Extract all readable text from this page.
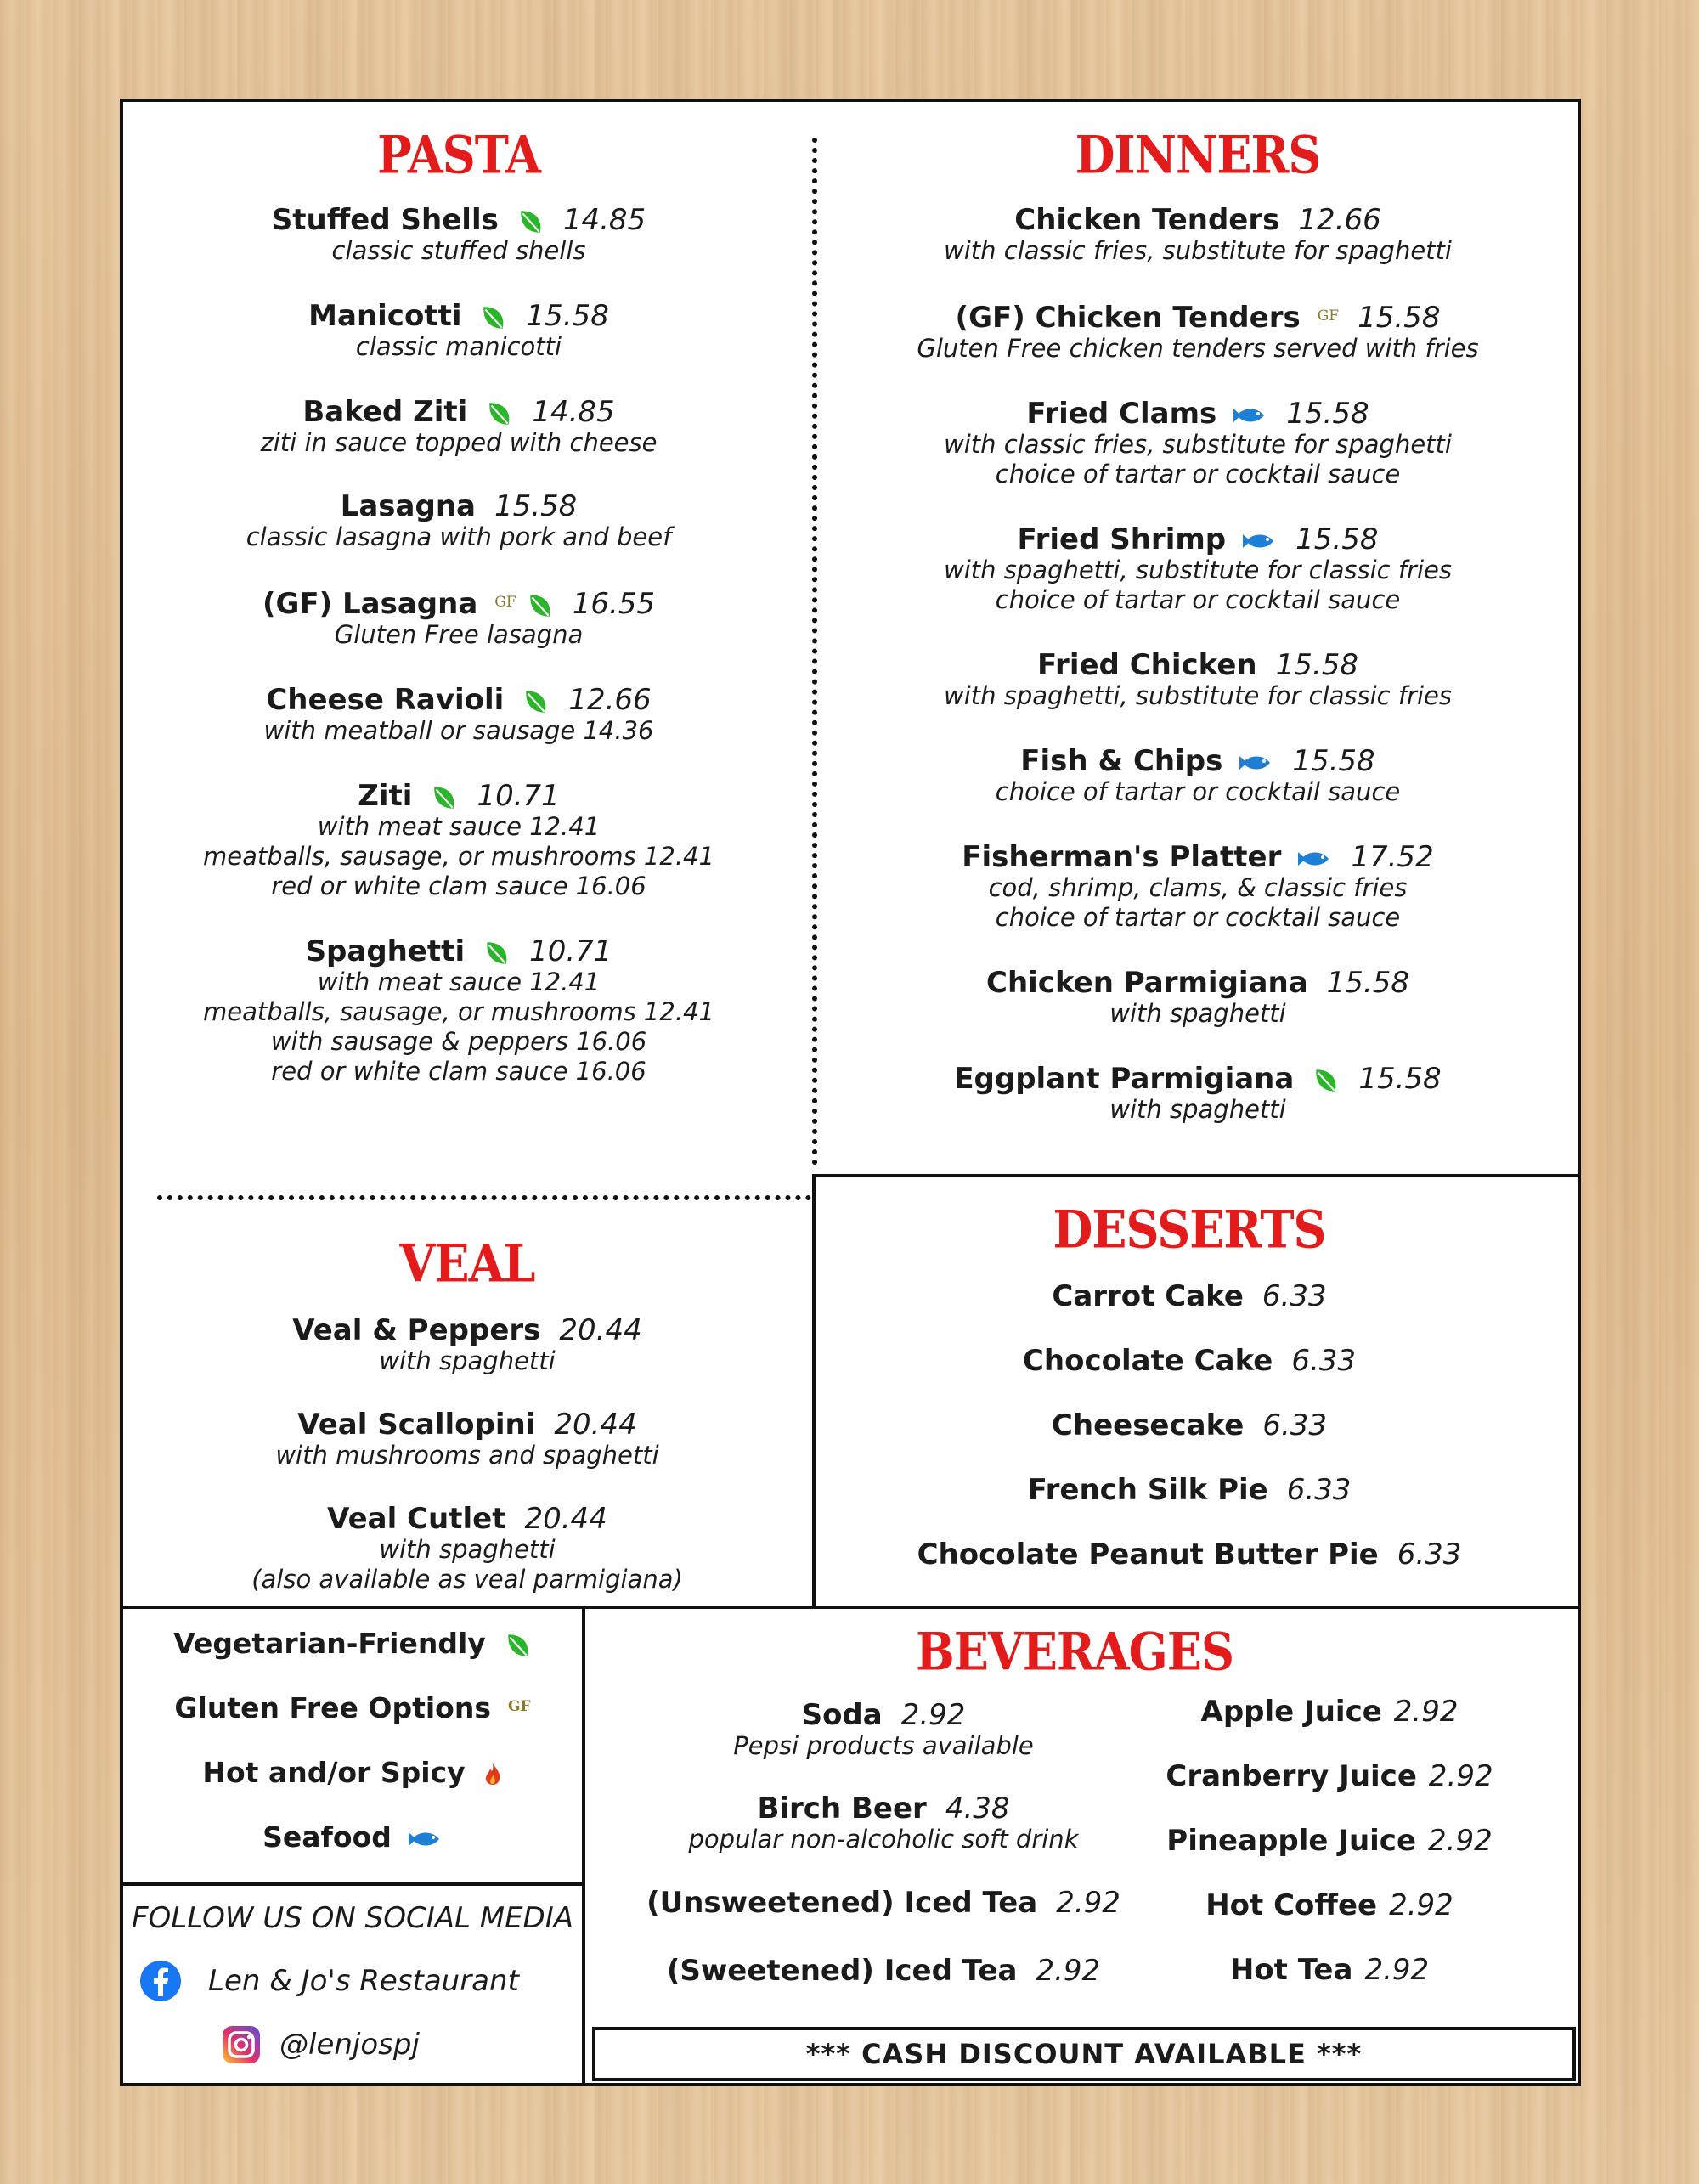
PASTA
Stuffed Shells 14.85
classic stuffed shells
Manicotti 15.58
classic manicotti
Baked Ziti 14.85
ziti in sauce topped with cheese
Lasagna 15.58
classic lasagna with pork and beef
(GF) Lasagna $^{GF}$ 16.55
Gluten Free lasagna
Cheese Ravioli 12.66
with meatball or sausage 14.36
Ziti 10.71
with meat sauce 12.41
meatballs, sausage, or mushrooms 12.41
red or white clam sauce 16.06
Spaghetti 10.71
with meat sauce 12.41
meatballs, sausage, or mushrooms 12.41
with sausage & peppers 16.06
red or white clam sauce 16.06
DINNERS
Chicken Tenders 12.66
with classic fries, substitute for spaghetti
(GF) Chicken Tenders $^{GF}$ 15.58
Gluten Free chicken tenders served with fries
Fried Clams 15.58
with classic fries, substitute for spaghetti
choice of tartar or cocktail sauce
Fried Shrimp 15.58
with spaghetti, substitute for classic fries
choice of tartar or cocktail sauce
Fried Chicken 15.58
with spaghetti, substitute for classic fries
Fish & Chips 15.58
choice of tartar or cocktail sauce
Fisherman's Platter 17.52
cod, shrimp, clams, & classic fries
choice of tartar or cocktail sauce
Chicken Parmigiana 15.58
with spaghetti
Eggplant Parmigiana 15.58
with spaghetti
VEAL
Veal & Peppers 20.44
with spaghetti
Veal Scallopini 20.44
with mushrooms and spaghetti
Veal Cutlet 20.44
with spaghetti
(also available as veal parmigiana)
DESSERTS
Carrot Cake 6.33
Chocolate Cake 6.33
Cheesecake 6.33
French Silk Pie 6.33
Chocolate Peanut Butter Pie 6.33
Vegetarian-Friendly
Gluten Free Options $^{GF}$
Hot and/or Spicy
Seafood
FOLLOW US ON SOCIAL MEDIA
Len & Jo's Restaurant
@lenjospj
BEVERAGES
Soda 2.92
Pepsi products available
Birch Beer 4.38
popular non-alcoholic soft drink
(Unsweetened) Iced Tea 2.92
(Sweetened) Iced Tea 2.92
Apple Juice 2.92
Cranberry Juice 2.92
Pineapple Juice 2.92
Hot Coffee 2.92
Hot Tea 2.92
*** CASH DISCOUNT AVAILABLE ***
